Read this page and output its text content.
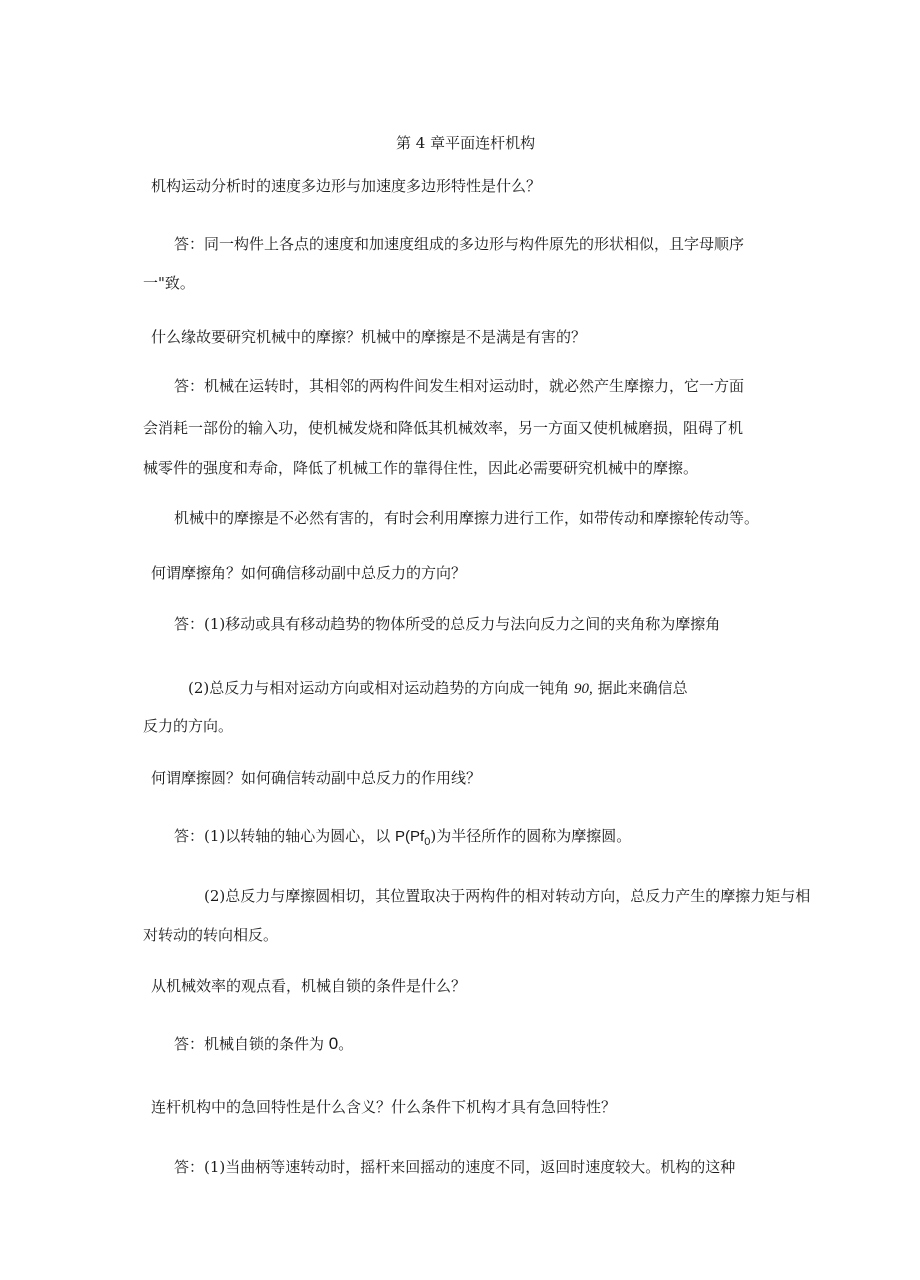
第 4 章平面连杆机构
机构运动分析时的速度多边形与加速度多边形特性是什么？
答：同一构件上各点的速度和加速度组成的多边形与构件原先的形状相似，且字母顺序
一"致。
什么缘故要研究机械中的摩擦？机械中的摩擦是不是满是有害的？
答：机械在运转时，其相邻的两构件间发生相对运动时，就必然产生摩擦力，它一方面
会消耗一部份的输入功，使机械发烧和降低其机械效率，另一方面又使机械磨损，阻碍了机
械零件的强度和寿命，降低了机械工作的靠得住性，因此必需要研究机械中的摩擦。
机械中的摩擦是不必然有害的，有时会利用摩擦力进行工作，如带传动和摩擦轮传动等。
何谓摩擦角？如何确信移动副中总反力的方向？
答：(1)移动或具有移动趋势的物体所受的总反力与法向反力之间的夹角称为摩擦角
(2)总反力与相对运动方向或相对运动趋势的方向成一钝角 90, 据此来确信总
反力的方向。
何谓摩擦圆？如何确信转动副中总反力的作用线？
答：(1)以转轴的轴心为圆心，以 $P(Pf_0)$为半径所作的圆称为摩擦圆。
(2)总反力与摩擦圆相切，其位置取决于两构件的相对转动方向，总反力产生的摩擦力矩与相
对转动的转向相反。
从机械效率的观点看，机械自锁的条件是什么？
答：机械自锁的条件为 0。
连杆机构中的急回特性是什么含义？什么条件下机构才具有急回特性？
答：(1)当曲柄等速转动时，摇杆来回摇动的速度不同，返回时速度较大。机构的这种
